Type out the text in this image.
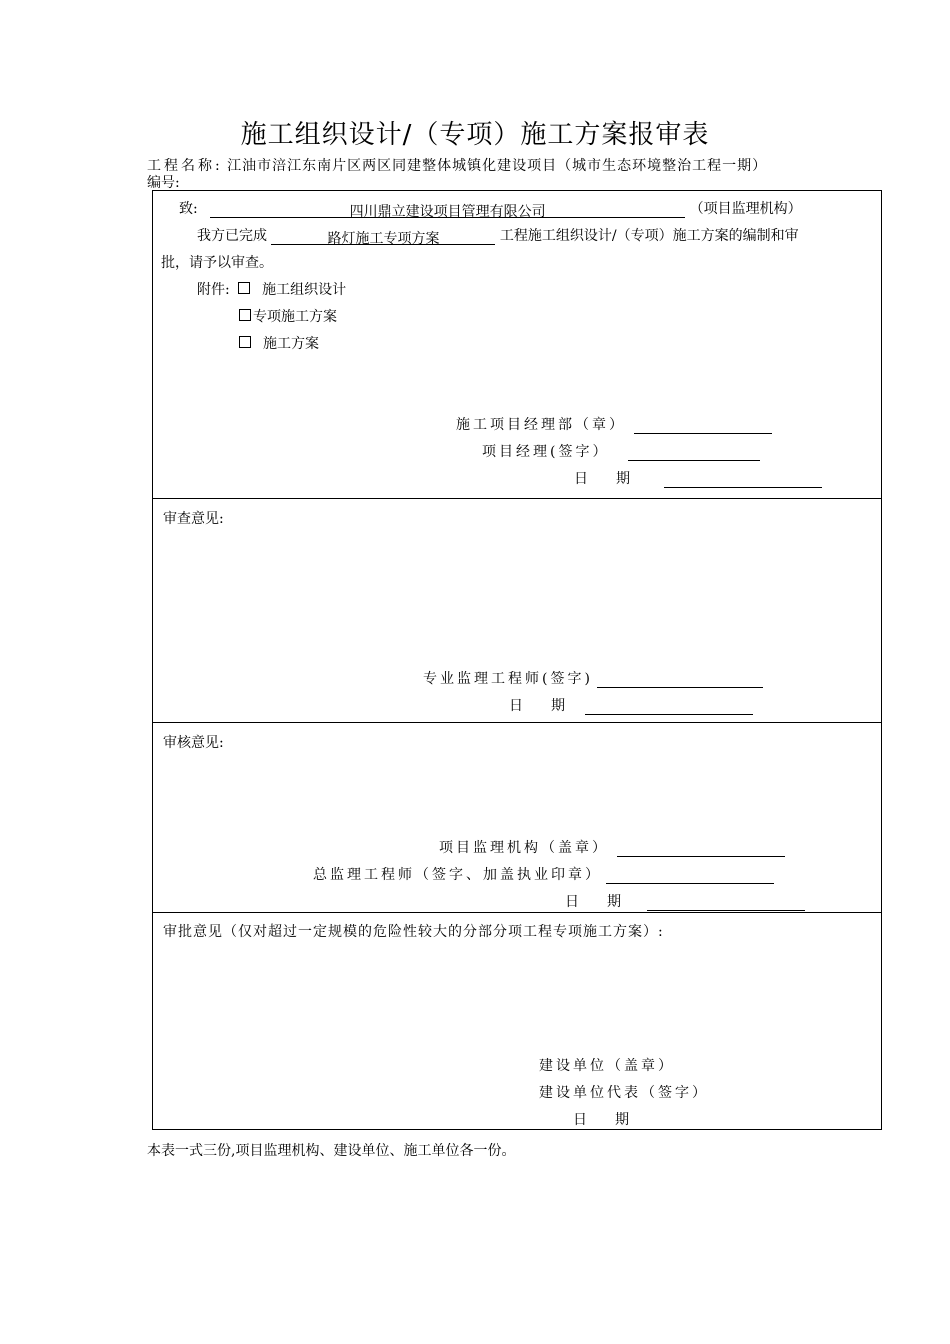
施工组织设计/（专项）施工方案报审表
工程名称: 江油市涪江东南片区两区同建整体城镇化建设项目（城市生态环境整治工程一期）
编号:
致:	四川鼎立建设项目管理有限公司	（项目监理机构）
我方已完成	路灯施工专项方案	工程施工组织设计/（专项）施工方案的编制和审
批，请予以审查。
附件: 施工组织设计
专项施工方案
施工方案
施工项目经理部（章）
项目经理(签字）
日　　期
审查意见:
专业监理工程师(签字)
日　　期
审核意见:
项目监理机构（盖章）
总监理工程师（签字、加盖执业印章）
日　　期
审批意见（仅对超过一定规模的危险性较大的分部分项工程专项施工方案）:
建设单位（盖章）
建设单位代表（签字）
日　　期
本表一式三份,项目监理机构、建设单位、施工单位各一份。
